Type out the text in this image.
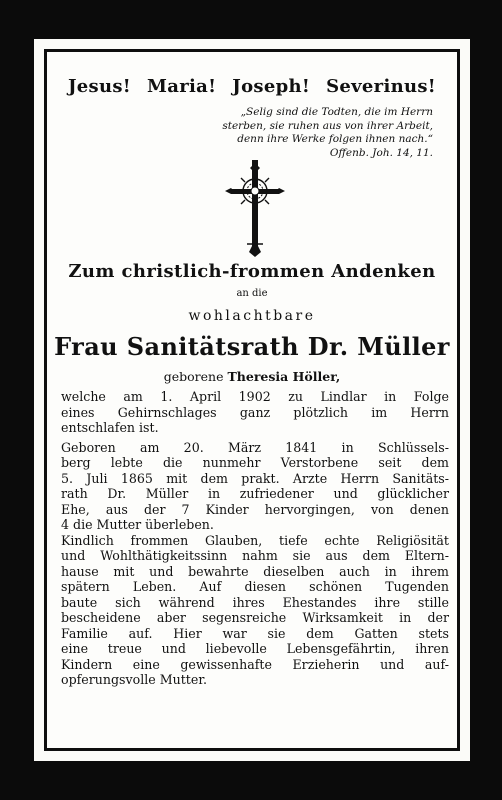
Jesus! Maria! Joseph! Severinus!
„Selig sind die Todten, die im Herrn
sterben, sie ruhen aus von ihrer Arbeit,
denn ihre Werke folgen ihnen nach.“
Offenb. Joh. 14, 11.
Zum christlich-frommen Andenken
an die
wohlachtbare
Frau Sanitätsrath Dr. Müller
geborene Theresia Höller,
welche am 1. April 1902 zu Lindlar in Folge
eines Gehirnschlages ganz plötzlich im Herrn
entschlafen ist.
Geboren am 20. März 1841 in Schlüssels-
berg lebte die nunmehr Verstorbene seit dem
5. Juli 1865 mit dem prakt. Arzte Herrn Sanitäts-
rath Dr. Müller in zufriedener und glücklicher
Ehe, aus der 7 Kinder hervorgingen, von denen
4 die Mutter überleben.
Kindlich frommen Glauben, tiefe echte Religiösität
und Wohlthätigkeitssinn nahm sie aus dem Eltern-
hause mit und bewahrte dieselben auch in ihrem
spätern Leben. Auf diesen schönen Tugenden
baute sich während ihres Ehestandes ihre stille
bescheidene aber segensreiche Wirksamkeit in der
Familie auf. Hier war sie dem Gatten stets
eine treue und liebevolle Lebensgefährtin, ihren
Kindern eine gewissenhafte Erzieherin und auf-
opferungsvolle Mutter.
